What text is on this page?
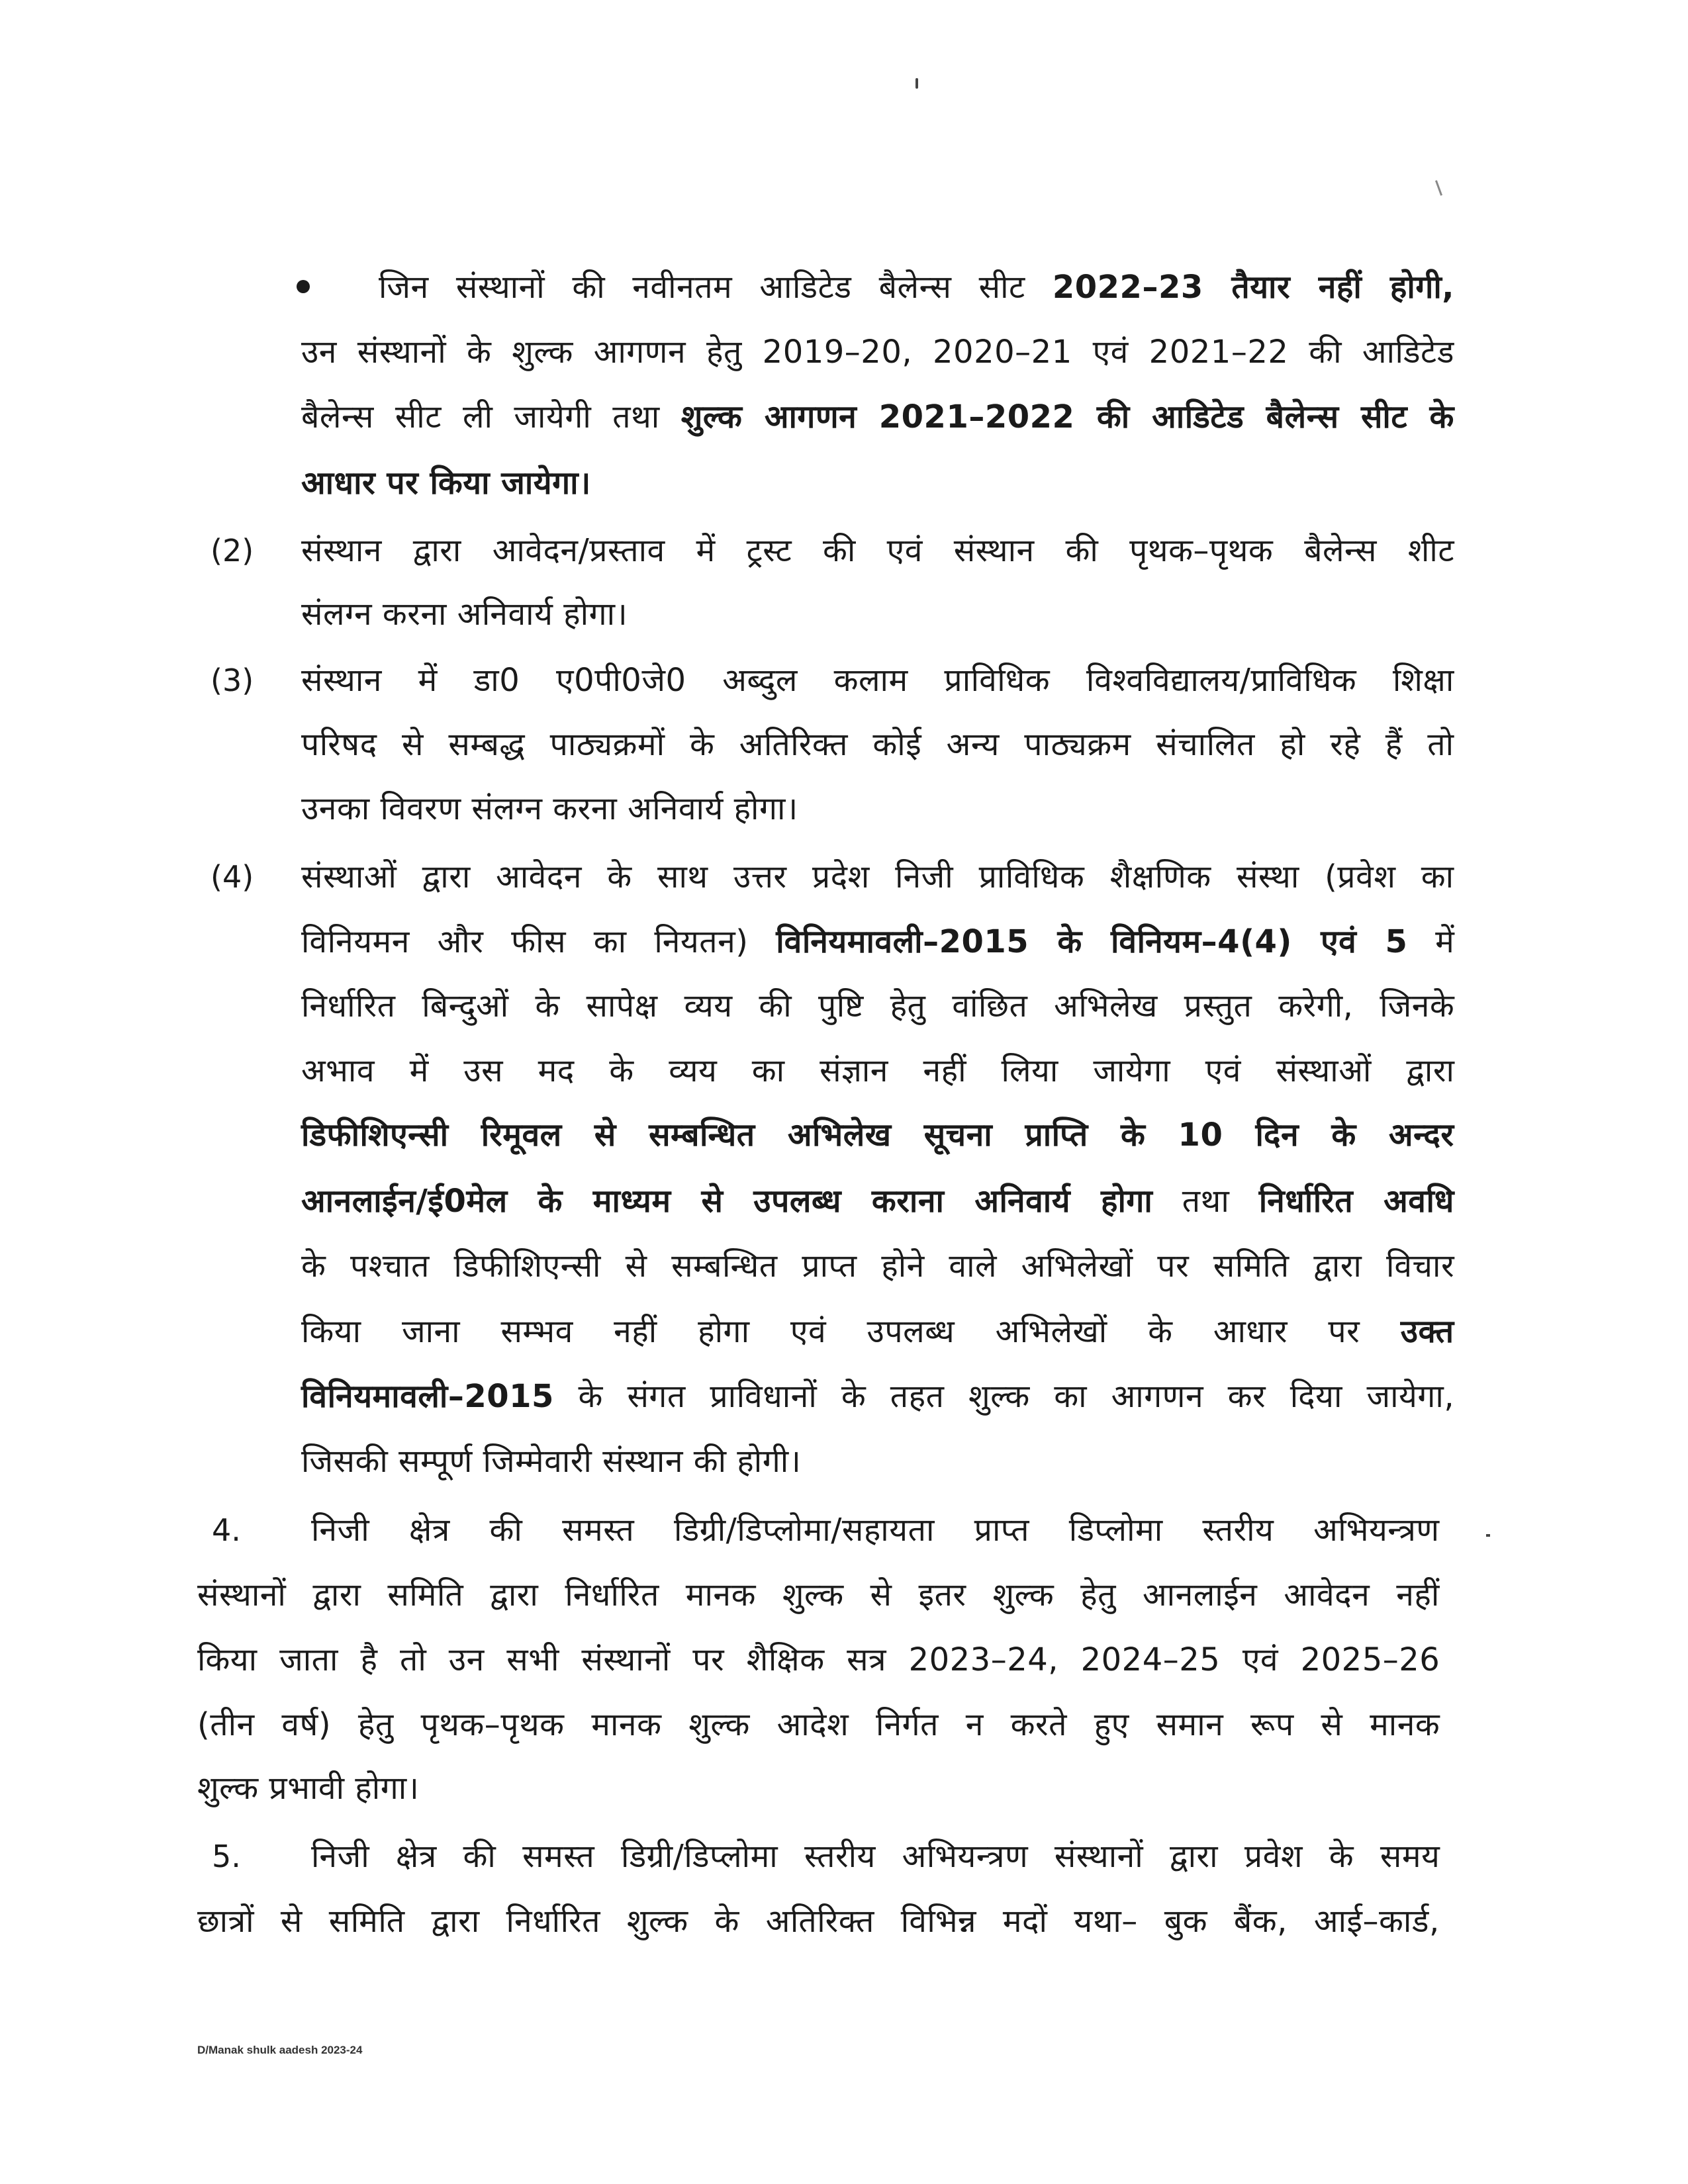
जिन संस्थानों की नवीनतम आडिटेड बैलेन्स सीट 2022–23 तैयार नहीं होगी,
उन संस्थानों के शुल्क आगणन हेतु 2019–20, 2020–21 एवं 2021–22 की आडिटेड
बैलेन्स सीट ली जायेगी तथा शुल्क आगणन 2021–2022 की आडिटेड बैलेन्स सीट के
आधार पर किया जायेगा।
(2) संस्थान द्वारा आवेदन/प्रस्ताव में ट्रस्ट की एवं संस्थान की पृथक–पृथक बैलेन्स शीट
संलग्न करना अनिवार्य होगा।
(3) संस्थान में डा0 ए0पी0जे0 अब्दुल कलाम प्राविधिक विश्वविद्यालय/प्राविधिक शिक्षा
परिषद से सम्बद्ध पाठ्यक्रमों के अतिरिक्त कोई अन्य पाठ्यक्रम संचालित हो रहे हैं तो
उनका विवरण संलग्न करना अनिवार्य होगा।
(4) संस्थाओं द्वारा आवेदन के साथ उत्तर प्रदेश निजी प्राविधिक शैक्षणिक संस्था (प्रवेश का
विनियमन और फीस का नियतन) विनियमावली–2015 के विनियम–4(4) एवं 5 में
निर्धारित बिन्दुओं के सापेक्ष व्यय की पुष्टि हेतु वांछित अभिलेख प्रस्तुत करेगी, जिनके
अभाव में उस मद के व्यय का संज्ञान नहीं लिया जायेगा एवं संस्थाओं द्वारा
डिफीशिएन्सी रिमूवल से सम्बन्धित अभिलेख सूचना प्राप्ति के 10 दिन के अन्दर
आनलाईन/ई0मेल के माध्यम से उपलब्ध कराना अनिवार्य होगा तथा निर्धारित अवधि
के पश्चात डिफीशिएन्सी से सम्बन्धित प्राप्त होने वाले अभिलेखों पर समिति द्वारा विचार
किया जाना सम्भव नहीं होगा एवं उपलब्ध अभिलेखों के आधार पर उक्त
विनियमावली–2015 के संगत प्राविधानों के तहत शुल्क का आगणन कर दिया जायेगा,
जिसकी सम्पूर्ण जिम्मेवारी संस्थान की होगी।
4. निजी क्षेत्र की समस्त डिग्री/डिप्लोमा/सहायता प्राप्त डिप्लोमा स्तरीय अभियन्त्रण
संस्थानों द्वारा समिति द्वारा निर्धारित मानक शुल्क से इतर शुल्क हेतु आनलाईन आवेदन नहीं
किया जाता है तो उन सभी संस्थानों पर शैक्षिक सत्र 2023–24, 2024–25 एवं 2025–26
(तीन वर्ष) हेतु पृथक–पृथक मानक शुल्क आदेश निर्गत न करते हुए समान रूप से मानक
शुल्क प्रभावी होगा।
5. निजी क्षेत्र की समस्त डिग्री/डिप्लोमा स्तरीय अभियन्त्रण संस्थानों द्वारा प्रवेश के समय
छात्रों से समिति द्वारा निर्धारित शुल्क के अतिरिक्त विभिन्न मदों यथा– बुक बैंक, आई–कार्ड,
D/Manak shulk aadesh 2023-24
